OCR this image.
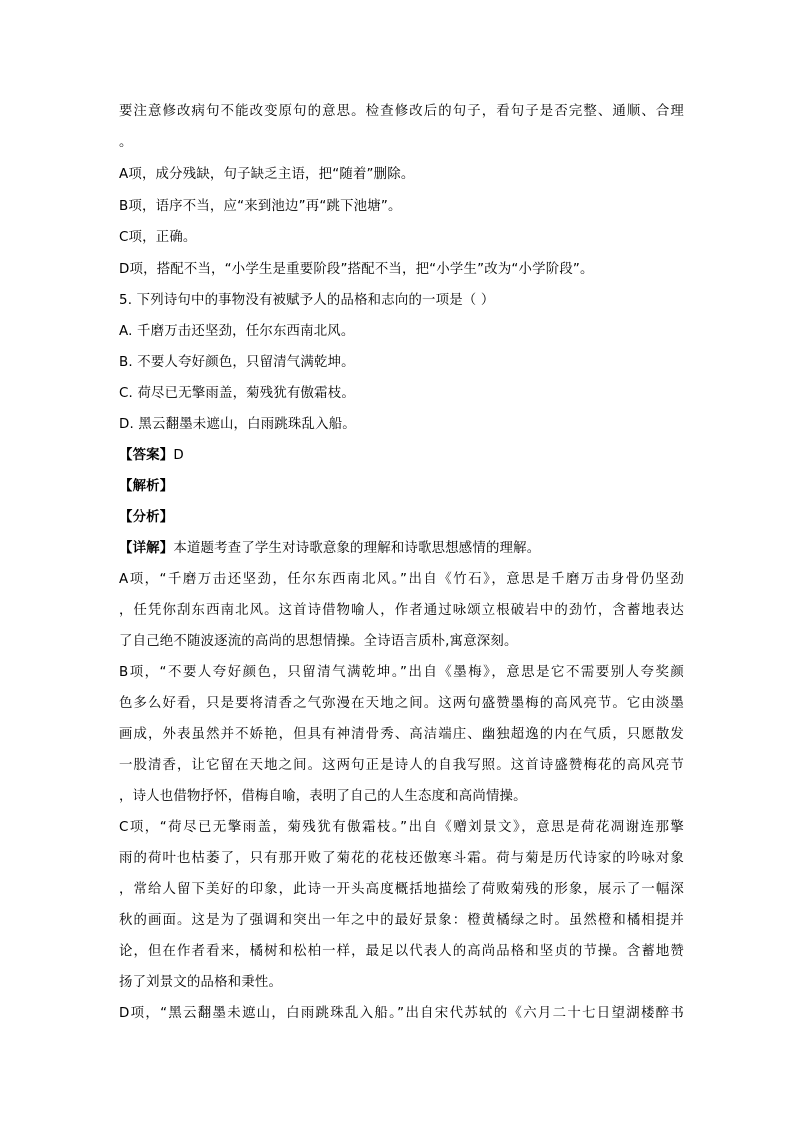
要注意修改病句不能改变原句的意思。检查修改后的句子，看句子是否完整、通顺、合理
。
A项，成分残缺，句子缺乏主语，把“随着”删除。
B项，语序不当，应“来到池边”再“跳下池塘”。
C项，正确。
D项，搭配不当，“小学生是重要阶段”搭配不当，把“小学生”改为“小学阶段”。
5. 下列诗句中的事物没有被赋予人的品格和志向的一项是（ ）
A. 千磨万击还坚劲，任尔东西南北风。
B. 不要人夸好颜色，只留清气满乾坤。
C. 荷尽已无擎雨盖，菊残犹有傲霜枝。
D. 黑云翻墨未遮山，白雨跳珠乱入船。
【答案】D
【解析】
【分析】
【详解】本道题考查了学生对诗歌意象的理解和诗歌思想感情的理解。
A项，“千磨万击还坚劲，任尔东西南北风。”出自《竹石》，意思是千磨万击身骨仍坚劲
，任凭你刮东西南北风。这首诗借物喻人，作者通过咏颂立根破岩中的劲竹，含蓄地表达
了自己绝不随波逐流的高尚的思想情操。全诗语言质朴,寓意深刻。
B项，“不要人夸好颜色，只留清气满乾坤。”出自《墨梅》，意思是它不需要别人夸奖颜
色多么好看，只是要将清香之气弥漫在天地之间。这两句盛赞墨梅的高风亮节。它由淡墨
画成，外表虽然并不娇艳，但具有神清骨秀、高洁端庄、幽独超逸的内在气质，只愿散发
一股清香，让它留在天地之间。这两句正是诗人的自我写照。这首诗盛赞梅花的高风亮节
，诗人也借物抒怀，借梅自喻，表明了自己的人生态度和高尚情操。
C项，“荷尽已无擎雨盖，菊残犹有傲霜枝。”出自《赠刘景文》，意思是荷花凋谢连那擎
雨的荷叶也枯萎了，只有那开败了菊花的花枝还傲寒斗霜。荷与菊是历代诗家的吟咏对象
，常给人留下美好的印象，此诗一开头高度概括地描绘了荷败菊残的形象，展示了一幅深
秋的画面。这是为了强调和突出一年之中的最好景象：橙黄橘绿之时。虽然橙和橘相提并
论，但在作者看来，橘树和松柏一样，最足以代表人的高尚品格和坚贞的节操。含蓄地赞
扬了刘景文的品格和秉性。
D项，“黑云翻墨未遮山，白雨跳珠乱入船。”出自宋代苏轼的《六月二十七日望湖楼醉书
